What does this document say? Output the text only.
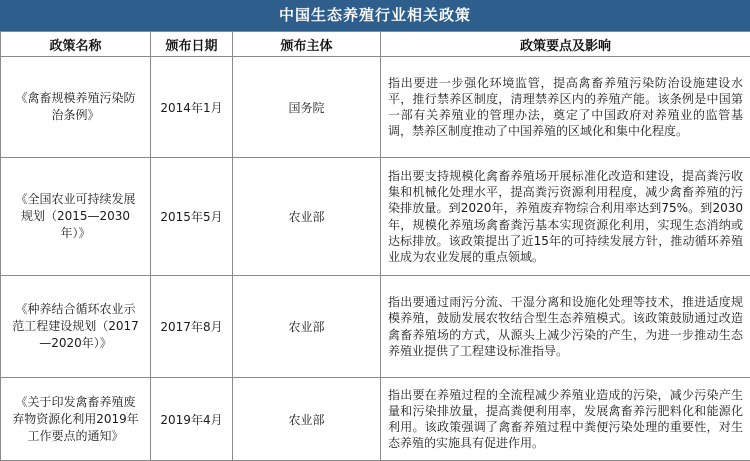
中国生态养殖行业相关政策
政策名称	颁布日期	颁布主体	政策要点及影响
《禽畜规模养殖污染防治条例》	2014年1月	国务院	指出要进一步强化环境监管，提高禽畜养殖污染防治设施建设水平，推行禁养区制度，清理禁养区内的养殖产能。该条例是中国第一部有关养殖业的管理办法，奠定了中国政府对养殖业的监管基调，禁养区制度推动了中国养殖的区域化和集中化程度。
《全国农业可持续发展规划（2015—2030年）》	2015年5月	农业部	指出要支持规模化禽畜养殖场开展标准化改造和建设，提高粪污收集和机械化处理水平，提高粪污资源利用程度，减少禽畜养殖的污染排放量。到2020年，养殖废弃物综合利用率达到75%。到2030年，规模化养殖场禽畜粪污基本实现资源化利用，实现生态消纳或达标排放。该政策提出了近15年的可持续发展方针，推动循环养殖业成为农业发展的重点领域。
《种养结合循环农业示范工程建设规划（2017—2020年）》	2017年8月	农业部	指出要通过雨污分流、干湿分离和设施化处理等技术，推进适度规模养殖，鼓励发展农牧结合型生态养殖模式。该政策鼓励通过改造禽畜养殖场的方式，从源头上减少污染的产生，为进一步推动生态养殖业提供了工程建设标准指导。
《关于印发禽畜养殖废弃物资源化利用2019年工作要点的通知》	2019年4月	农业部	指出要在养殖过程的全流程减少养殖业造成的污染，减少污染产生量和污染排放量，提高粪便利用率，发展禽畜养污肥料化和能源化利用。该政策强调了禽畜养殖过程中粪便污染处理的重要性，对生态养殖的实施具有促进作用。
